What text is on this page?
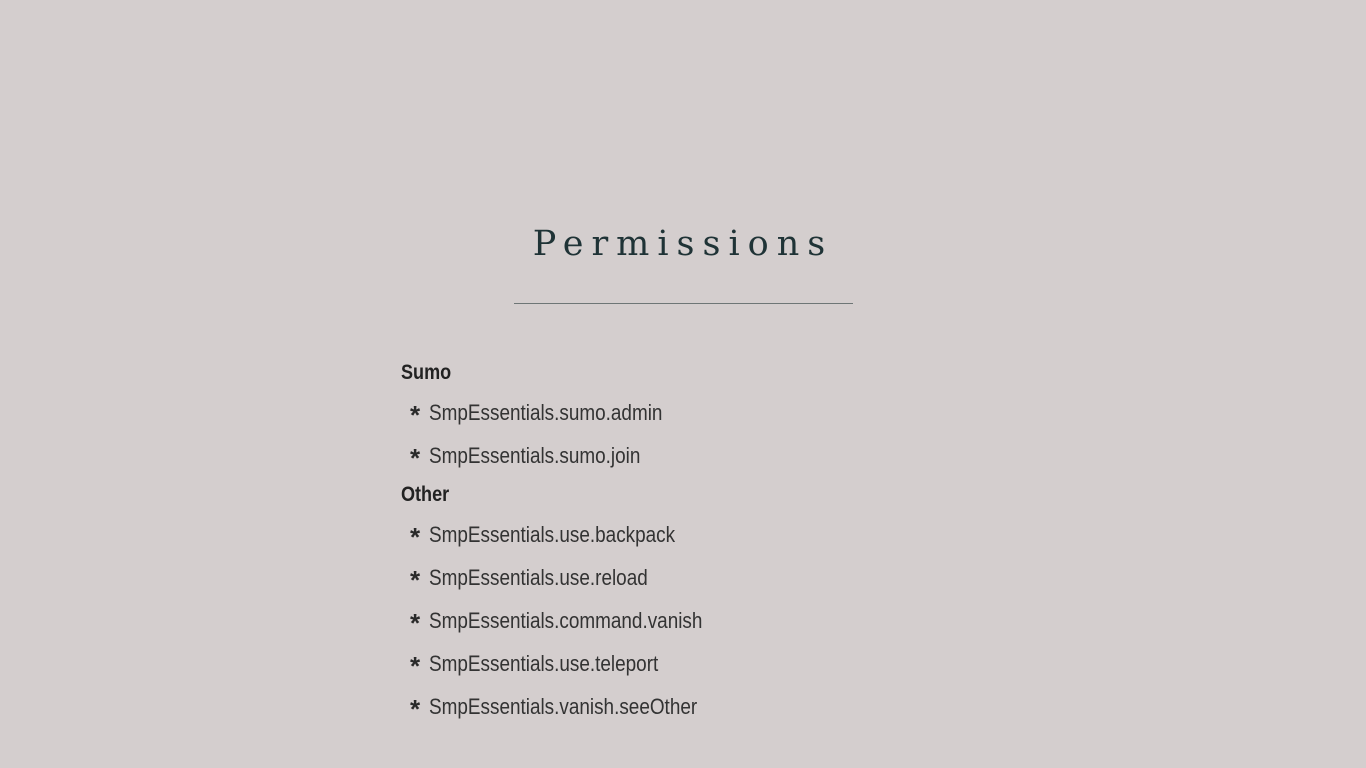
Permissions
Sumo
* SmpEssentials.sumo.admin
* SmpEssentials.sumo.join
Other
* SmpEssentials.use.backpack
* SmpEssentials.use.reload
* SmpEssentials.command.vanish
* SmpEssentials.use.teleport
* SmpEssentials.vanish.seeOther
